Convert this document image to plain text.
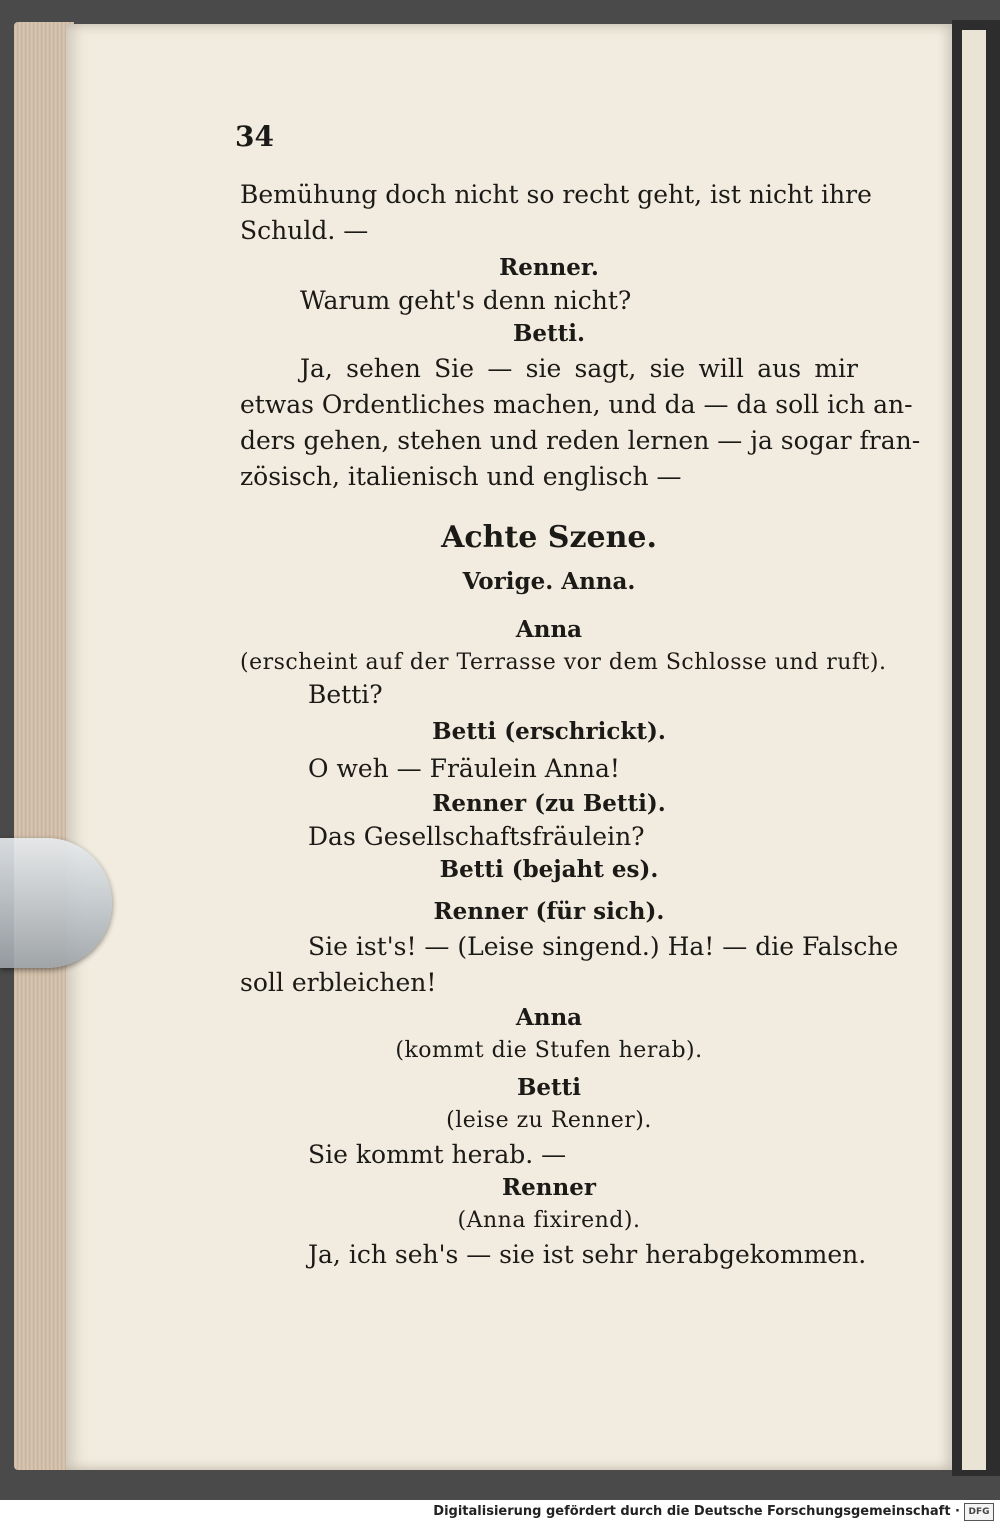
34
Bemühung doch nicht so recht geht, ist nicht ihre
Schuld. —
Renner.
Warum geht's denn nicht?
Betti.
Ja, sehen Sie — sie sagt, sie will aus mir
etwas Ordentliches machen, und da — da soll ich an-
ders gehen, stehen und reden lernen — ja sogar fran-
zösisch, italienisch und englisch —
Achte Szene.
Vorige. Anna.
Anna
(erscheint auf der Terrasse vor dem Schlosse und ruft).
Betti?
Betti (erschrickt).
O weh — Fräulein Anna!
Renner (zu Betti).
Das Gesellschaftsfräulein?
Betti (bejaht es).
Renner (für sich).
Sie ist's! — (Leise singend.) Ha! — die Falsche
soll erbleichen!
Anna
(kommt die Stufen herab).
Betti
(leise zu Renner).
Sie kommt herab. —
Renner
(Anna fixirend).
Ja, ich seh's — sie ist sehr herabgekommen.
Digitalisierung gefördert durch die Deutsche Forschungsgemeinschaft · DFG
